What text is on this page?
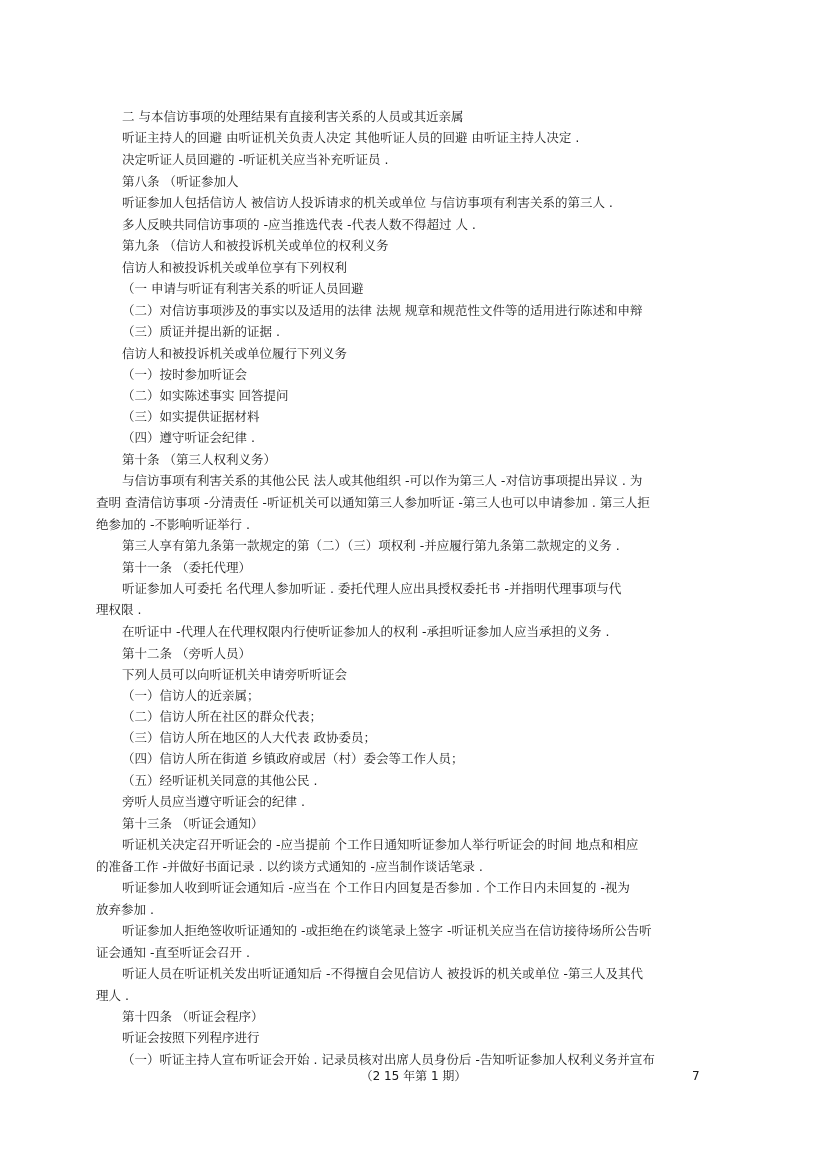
二 与本信访事项的处理结果有直接利害关系的人员或其近亲属
听证主持人的回避 由听证机关负责人决定 其他听证人员的回避 由听证主持人决定 .
决定听证人员回避的 -听证机关应当补充听证员 .
第八条 （听证参加人
听证参加人包括信访人 被信访人投诉请求的机关或单位 与信访事项有利害关系的第三人 .
多人反映共同信访事项的 -应当推选代表 -代表人数不得超过 人 .
第九条 （信访人和被投诉机关或单位的权利义务
信访人和被投诉机关或单位享有下列权利
（一 申请与听证有利害关系的听证人员回避
（二）对信访事项涉及的事实以及适用的法律 法规 规章和规范性文件等的适用进行陈述和申辩
（三）质证并提出新的证据 .
信访人和被投诉机关或单位履行下列义务
（一）按时参加听证会
（二）如实陈述事实 回答提问
（三）如实提供证据材料
（四）遵守听证会纪律 .
第十条 （第三人权利义务）
与信访事项有利害关系的其他公民 法人或其他组织 -可以作为第三人 -对信访事项提出异议 . 为
查明 查清信访事项 -分清责任 -听证机关可以通知第三人参加听证 -第三人也可以申请参加 . 第三人拒
绝参加的 -不影响听证举行 .
第三人享有第九条第一款规定的第（二）（三）项权利 -并应履行第九条第二款规定的义务 .
第十一条 （委托代理）
听证参加人可委托 名代理人参加听证 . 委托代理人应出具授权委托书 -并指明代理事项与代
理权限 .
在听证中 -代理人在代理权限内行使听证参加人的权利 -承担听证参加人应当承担的义务 .
第十二条 （旁听人员）
下列人员可以向听证机关申请旁听听证会
（一）信访人的近亲属；
（二）信访人所在社区的群众代表；
（三）信访人所在地区的人大代表 政协委员；
（四）信访人所在街道 乡镇政府或居（村）委会等工作人员；
（五）经听证机关同意的其他公民 .
旁听人员应当遵守听证会的纪律 .
第十三条 （听证会通知）
听证机关决定召开听证会的 -应当提前 个工作日通知听证参加人举行听证会的时间 地点和相应
的准备工作 -并做好书面记录 . 以约谈方式通知的 -应当制作谈话笔录 .
听证参加人收到听证会通知后 -应当在 个工作日内回复是否参加 . 个工作日内未回复的 -视为
放弃参加 .
听证参加人拒绝签收听证通知的 -或拒绝在约谈笔录上签字 -听证机关应当在信访接待场所公告听
证会通知 -直至听证会召开 .
听证人员在听证机关发出听证通知后 -不得擅自会见信访人 被投诉的机关或单位 -第三人及其代
理人 .
第十四条 （听证会程序）
听证会按照下列程序进行
（一）听证主持人宣布听证会开始 . 记录员核对出席人员身份后 -告知听证参加人权利义务并宣布
（2 15 年第 1 期）	7
